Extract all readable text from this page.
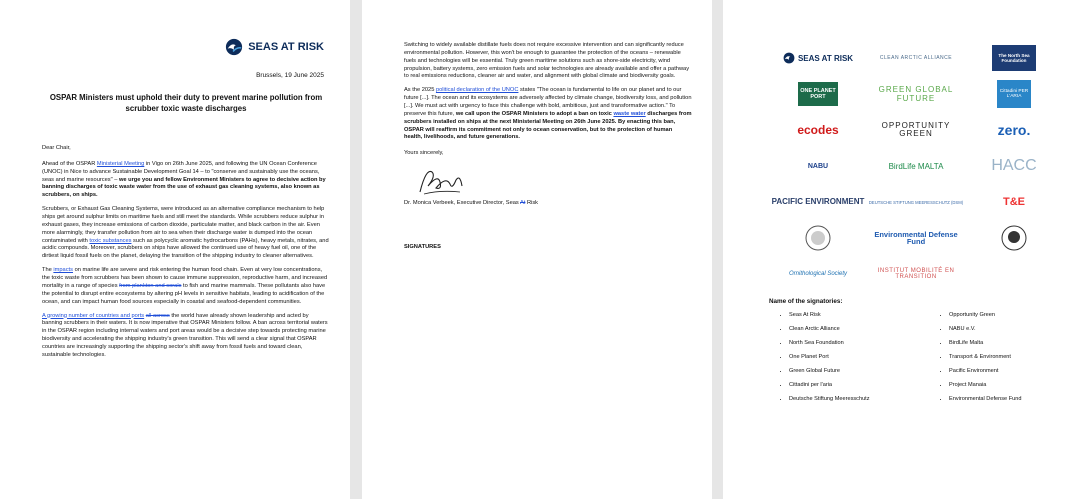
SEAS AT RISK
Brussels, 19 June 2025
OSPAR Ministers must uphold their duty to prevent marine pollution from scrubber toxic waste discharges

Dear Chair,

Ahead of the OSPAR Ministerial Meeting in Vigo on 26th June 2025, and following the UN Ocean Conference (UNOC) in Nice to advance Sustainable Development Goal 14 – to "conserve and sustainably use the oceans, seas and marine resources" – we urge you and fellow Environment Ministers to agree to decisive action by banning discharges of toxic waste water from the use of exhaust gas cleaning systems, also known as scrubbers, on ships.

Scrubbers, or Exhaust Gas Cleaning Systems, were introduced as an alternative compliance mechanism to help ships get around sulphur limits on maritime fuels and still meet the standards. While scrubbers reduce sulphur in exhaust gases, they increase emissions of carbon dioxide, particulate matter, and black carbon in the air. Even more alarmingly, they transfer pollution from air to sea when their discharge water is dumped into the ocean contaminated with toxic substances such as polycyclic aromatic hydrocarbons (PAHs), heavy metals, nitrates, and acidic compounds. Moreover, scrubbers on ships have allowed the continued use of heavy fuel oil, one of the dirtiest liquid fossil fuels on the planet, delaying the transition of the shipping industry to cleaner alternatives.

The impacts on marine life are severe and risk entering the human food chain. Even at very low concentrations, the toxic waste from scrubbers has been shown to cause immune suppression, reproductive harm, and increased mortality in a range of species from plankton and corals to fish and marine mammals. These pollutants also have the potential to disrupt entire ecosystems by altering pH levels in sensitive habitats, leading to acidification of the ocean, and can impact human food sources especially in coastal and seafood-dependent communities.

A growing number of countries and ports all across the world have already shown leadership and acted by banning scrubbers in their waters. It is now imperative that OSPAR Ministers follow. A ban across territorial waters in the OSPAR region including internal waters and port areas would be a decisive step towards protecting marine biodiversity and accelerating the shipping industry's green transition. This will send a clear signal that OSPAR countries are increasingly supporting the shipping sector's shift away from fossil fuels and toward clean, sustainable technologies.

Switching to widely available distillate fuels does not require excessive intervention and can significantly reduce environmental pollution. However, this won't be enough to guarantee the protection of the oceans – renewable fuels and technologies will be essential. Truly green maritime solutions such as shore-side electricity, wind propulsion, battery systems, zero emission fuels and solar technologies are already available and offer a pathway to real emissions reductions, cleaner air and water, and alignment with global climate and biodiversity goals.

As the 2025 political declaration of the UNOC states "The ocean is fundamental to life on our planet and to our future [...]. The ocean and its ecosystems are adversely affected by climate change, biodiversity loss, and pollution [...]. We must act with urgency to face this challenge with bold, ambitious, just and transformative action." To preserve this future, we call upon the OSPAR Ministers to adopt a ban on toxic waste water discharges from scrubbers installed on ships at the next Ministerial Meeting on 26th June 2025. By enacting this ban, OSPAR will reaffirm its commitment not only to ocean conservation, but to the protection of human health, livelihoods, and future generations.

Yours sincerely,

Dr. Monica Verbeek, Executive Director, Seas At Risk

SIGNATURES
SEAS AT RISK	CLEAN ARCTIC ALLIANCE	The North Sea Foundation
ONE PLANET PORT
GREEN GLOBAL FUTURE
Cittadini PER L'ARIA
ecodes	OPPORTUNITY GREEN	zero.
NABU	BirdLife MALTA	HACC
PACIFIC ENVIRONMENT	DEUTSCHE STIFTUNG MEERESSCHUTZ (DSM)	T&E
Environmental Defense Fund
Ornithological Society	INSTITUT MOBILITÉ EN TRANSITION
Name of the signatories:
• Seas At Risk
• Clean Arctic Alliance
• North Sea Foundation
• One Planet Port
• Green Global Future
• Cittadini per l'aria
• Deutsche Stiftung Meeresschutz
• Opportunity Green
• NABU e.V.
• BirdLife Malta
• Transport & Environment
• Pacific Environment
• Project Manaia
• Environmental Defense Fund
